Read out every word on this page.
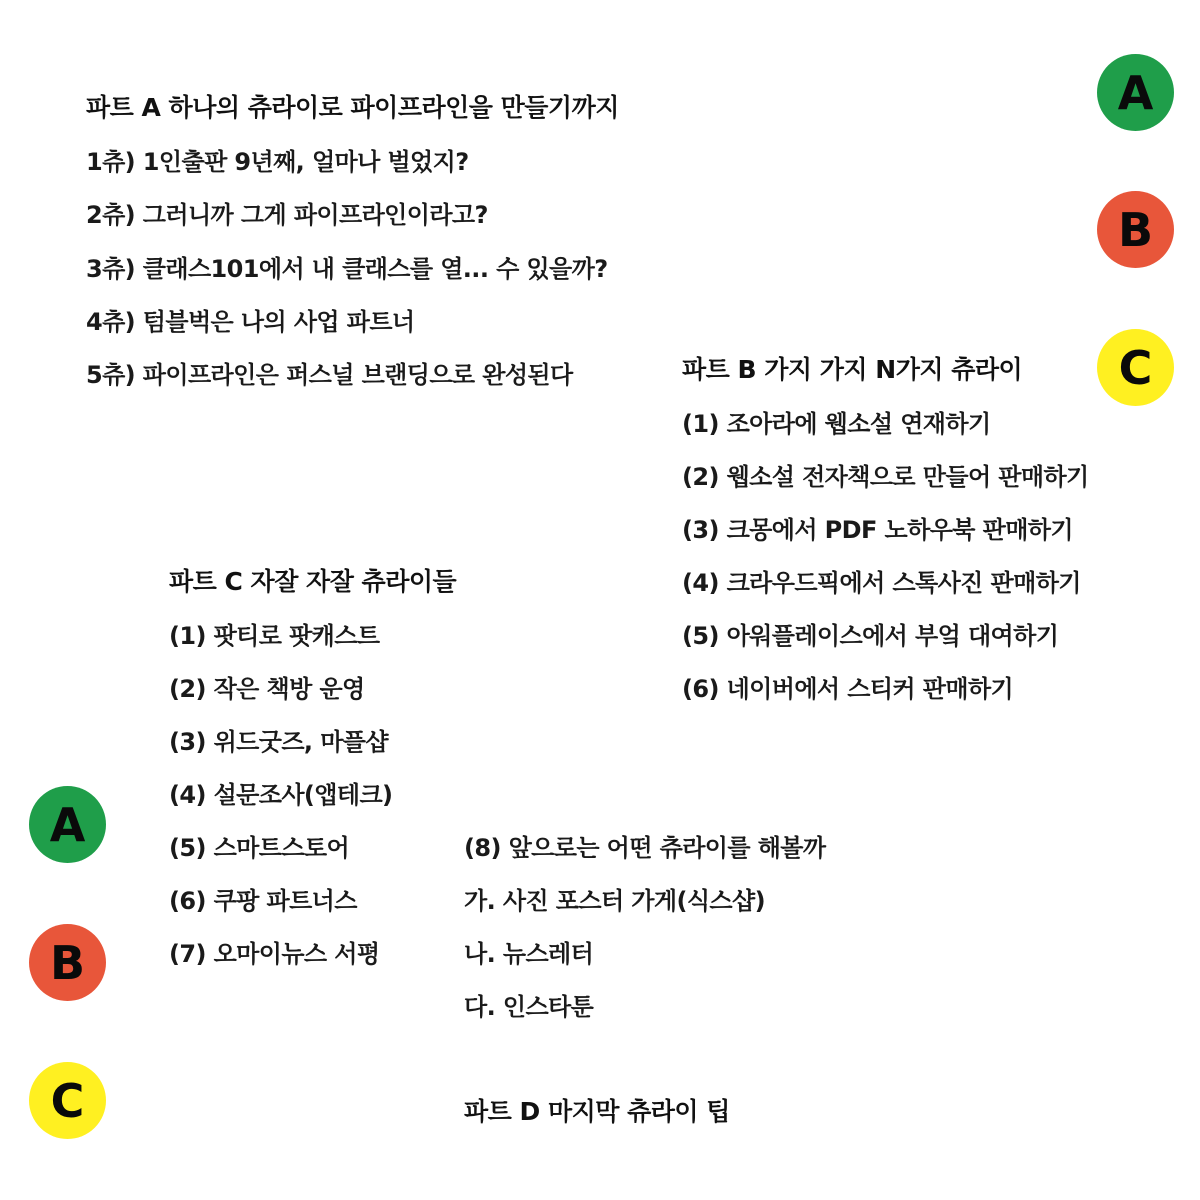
파트 A 하나의 츄라이로 파이프라인을 만들기까지
1츄) 1인출판 9년째, 얼마나 벌었지?
2츄) 그러니까 그게 파이프라인이라고?
3츄) 클래스101에서 내 클래스를 열... 수 있을까?
4츄) 텀블벅은 나의 사업 파트너
5츄) 파이프라인은 퍼스널 브랜딩으로 완성된다	파트 B 가지 가지 N가지 츄라이
(1) 조아라에 웹소설 연재하기
(2) 웹소설 전자책으로 만들어 판매하기
(3) 크몽에서 PDF 노하우북 판매하기
(4) 크라우드픽에서 스톡사진 판매하기
(5) 아워플레이스에서 부엌 대여하기
(6) 네이버에서 스티커 판매하기
파트 C 자잘 자잘 츄라이들
(1) 팟티로 팟캐스트
(2) 작은 책방 운영
(3) 위드굿즈, 마플샵
(4) 설문조사(앱테크)
(5) 스마트스토어
(6) 쿠팡 파트너스
(7) 오마이뉴스 서평
(8) 앞으로는 어떤 츄라이를 해볼까
가. 사진 포스터 가게(식스샵)
나. 뉴스레터
다. 인스타툰
파트 D 마지막 츄라이 팁
A
B
C
A
B
C
